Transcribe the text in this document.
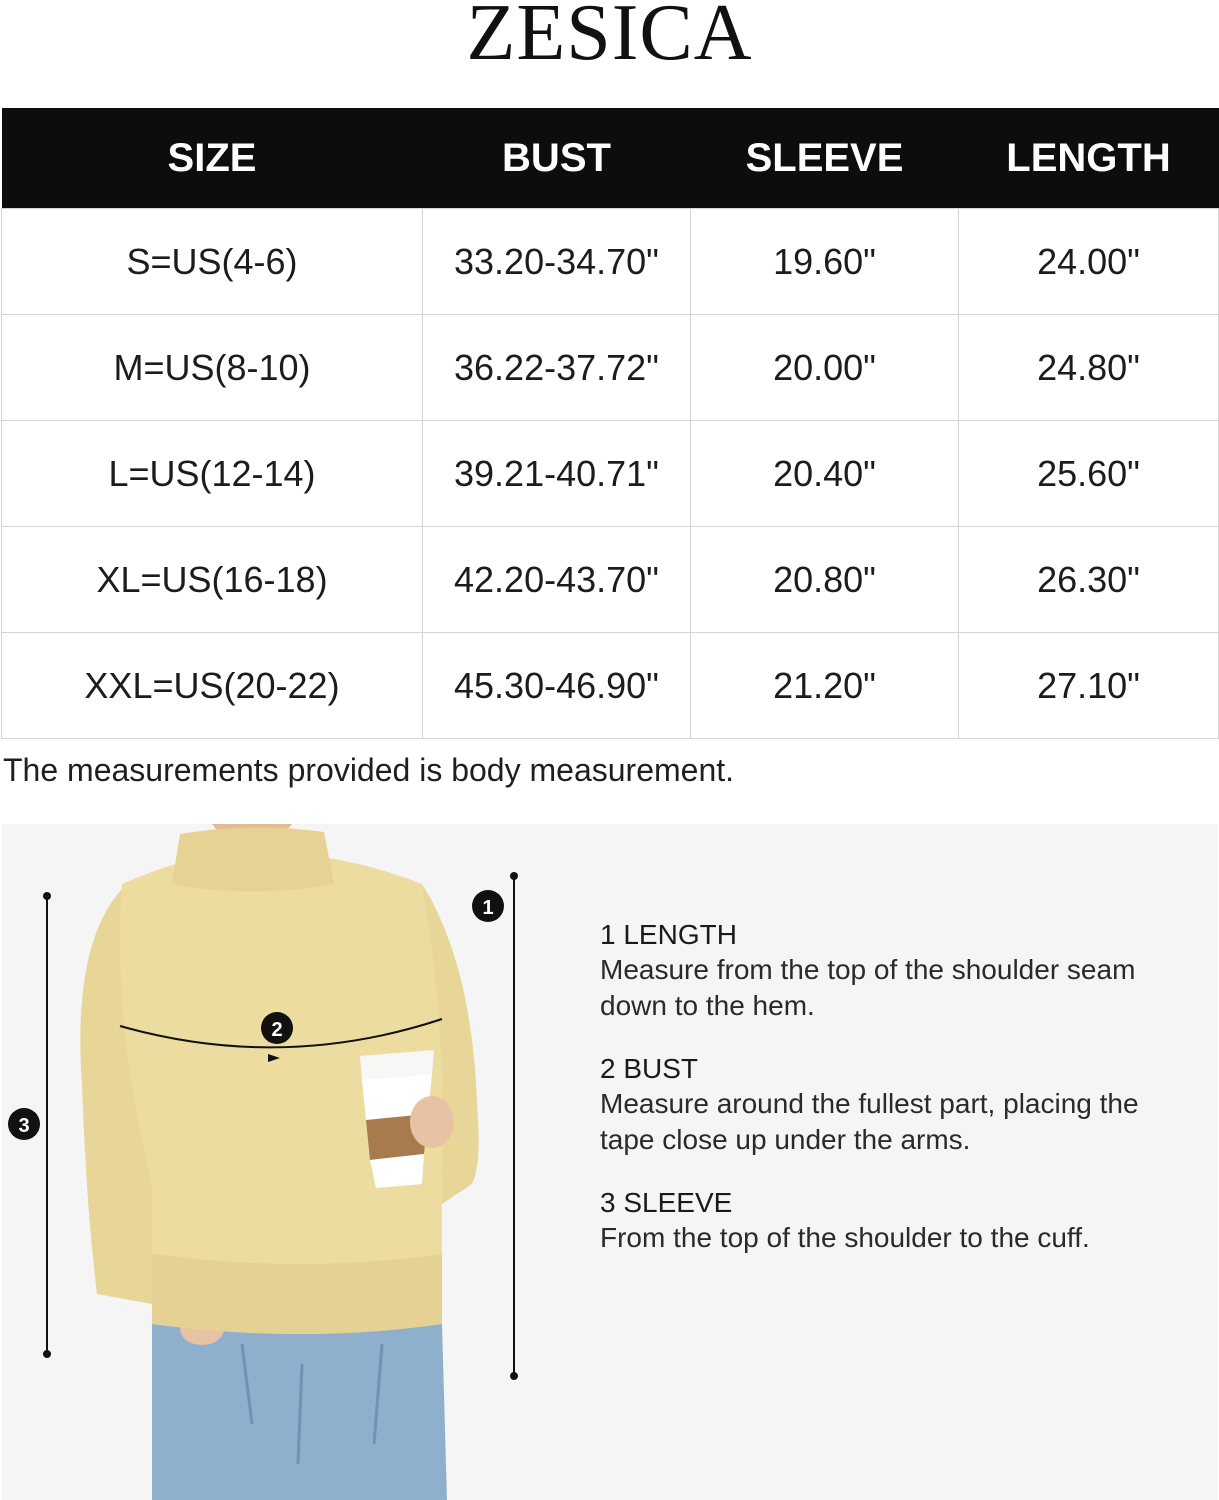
ZESICA
SIZE	BUST	SLEEVE	LENGTH
S=US(4-6)	33.20-34.70"	19.60"	24.00"
M=US(8-10)	36.22-37.72"	20.00"	24.80"
L=US(12-14)	39.21-40.71"	20.40"	25.60"
XL=US(16-18)	42.20-43.70"	20.80"	26.30"
XXL=US(20-22)	45.30-46.90"	21.20"	27.10"
The measurements provided is body measurement.
1
2
3
1 LENGTH
Measure from the top of the shoulder seam down to the hem.
2 BUST
Measure around the fullest part, placing the tape close up under the arms.
3 SLEEVE
From the top of the shoulder to the cuff.
